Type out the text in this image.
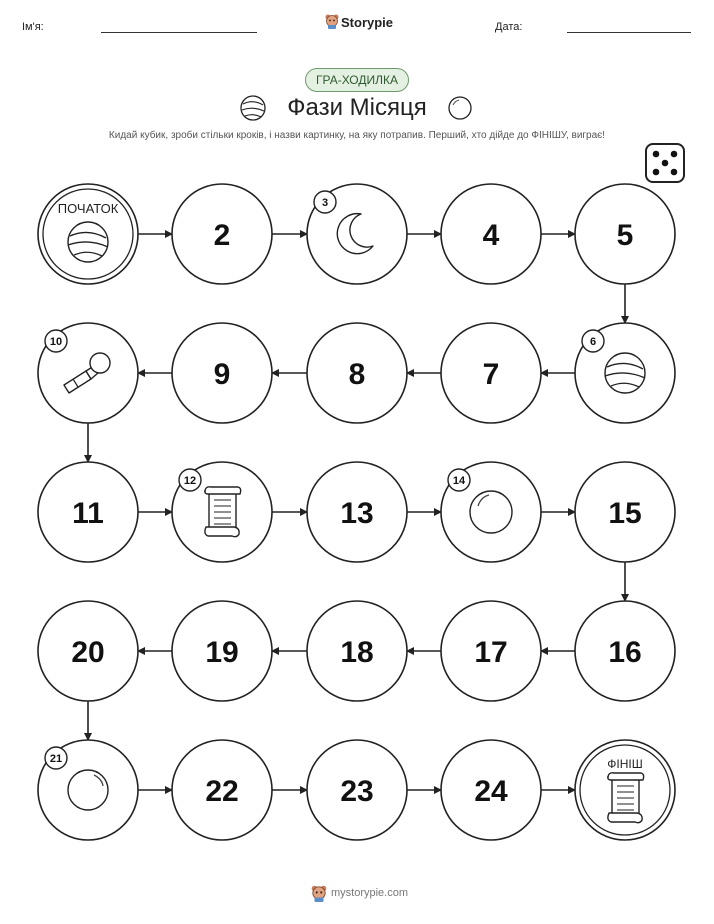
Ім'я:	Storypie	Дата:
ГРА-ХОДИЛКА
Фази Місяця
Кидай кубик, зроби стільки кроків, і назви картинку, на яку потрапив. Перший, хто дійде до ФІНІШУ, виграє!
ПОЧАТОК
2
3
4	5
6
7
8
9
10
11
12
13
14
15
16
17
18
19
20
21
22	23	24
ФІНІШ
mystorypie.com
